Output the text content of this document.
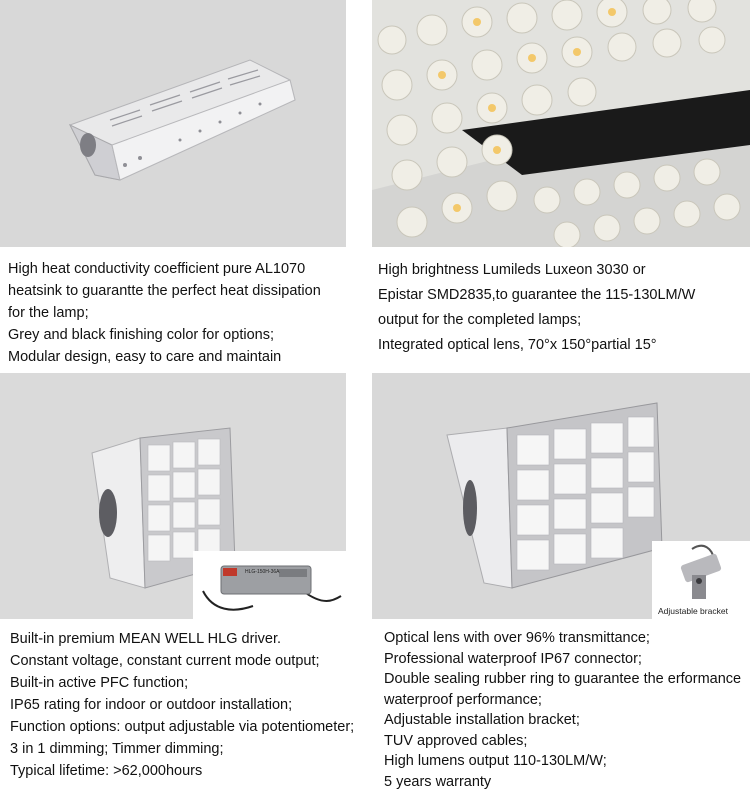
High heat conductivity coefficient pure AL1070
heatsink to guarantte the perfect heat dissipation
for the lamp;
Grey and black finishing color for options;
Modular design, easy to care and maintain
High brightness Lumileds Luxeon 3030 or
Epistar SMD2835,to guarantee the 115-130LM/W
output for the completed lamps;
Integrated optical lens, 70°x 150°partial 15°
HLG-150H-36A
Adjustable bracket
Built-in premium MEAN WELL HLG driver.
Constant voltage, constant current mode output;
Built-in active PFC function;
IP65 rating for indoor or outdoor installation;
Function options: output adjustable via potentiometer;
3 in 1 dimming; Timmer dimming;
Typical lifetime: >62,000hours
Optical lens with over 96% transmittance;
Professional waterproof IP67 connector;
Double sealing rubber ring to guarantee the erformance
waterproof performance;
Adjustable installation bracket;
TUV approved cables;
High lumens output 110-130LM/W;
5 years warranty
